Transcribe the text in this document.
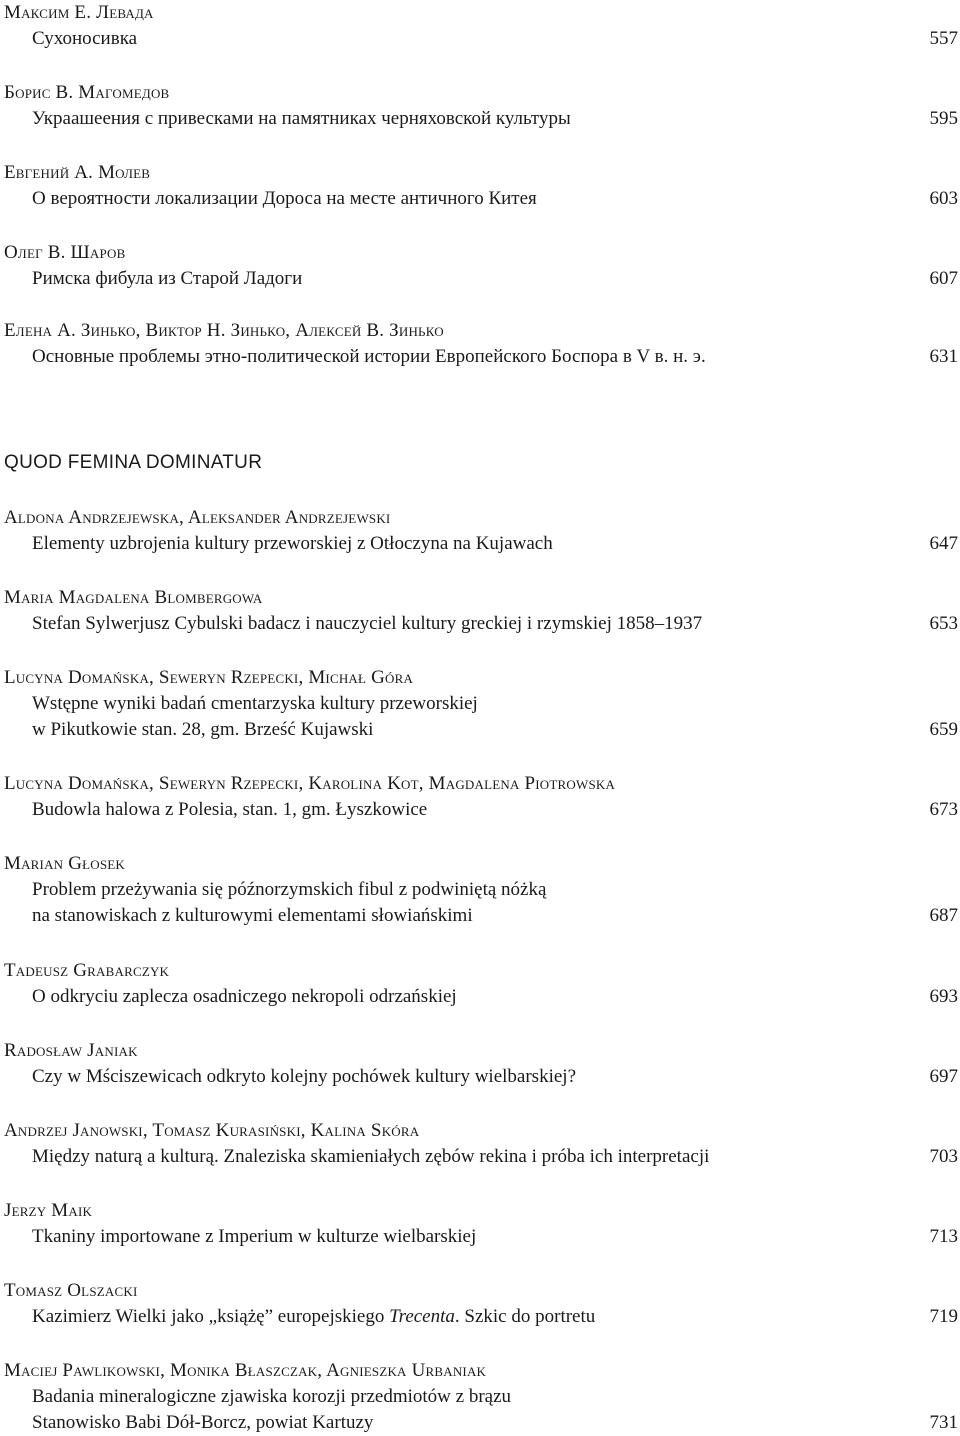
Максим Е. Левада
Сухоносивка	557
Борис В. Магомедов
Украашеения с привесками на памятниках черняховской культуры	595
Евгений А. Молев
О вероятности локализации Дороса на месте античного Китея	603
Олег В. Шаров
Римска фибула из Старой Ладоги	607
Елена А. Зинько, Виктор Н. Зинько, Алексей В. Зинько
Основные проблемы этно-политической истории Европейского Боспора в V в. н. э.	631
QUOD FEMINA DOMINATUR
Aldona Andrzejewska, Aleksander Andrzejewski
Elementy uzbrojenia kultury przeworskiej z Otłoczyna na Kujawach	647
Maria Magdalena Blombergowa
Stefan Sylwerjusz Cybulski badacz i nauczyciel kultury greckiej i rzymskiej 1858–1937	653
Lucyna Domańska, Seweryn Rzepecki, Michał Góra
Wstępne wyniki badań cmentarzyska kultury przeworskiej
w Pikutkowie stan. 28, gm. Brześć Kujawski	659
Lucyna Domańska, Seweryn Rzepecki, Karolina Kot, Magdalena Piotrowska
Budowla halowa z Polesia, stan. 1, gm. Łyszkowice	673
Marian Głosek
Problem przeżywania się późnorzymskich fibul z podwiniętą nóżką
na stanowiskach z kulturowymi elementami słowiańskimi	687
Tadeusz Grabarczyk
O odkryciu zaplecza osadniczego nekropoli odrzańskiej	693
Radosław Janiak
Czy w Mściszewicach odkryto kolejny pochówek kultury wielbarskiej?	697
Andrzej Janowski, Tomasz Kurasiński, Kalina Skóra
Między naturą a kulturą. Znaleziska skamieniałych zębów rekina i próba ich interpretacji	703
Jerzy Maik
Tkaniny importowane z Imperium w kulturze wielbarskiej	713
Tomasz Olszacki
Kazimierz Wielki jako „książę” europejskiego Trecenta. Szkic do portretu	719
Maciej Pawlikowski, Monika Błaszczak, Agnieszka Urbaniak
Badania mineralogiczne zjawiska korozji przedmiotów z brązu
Stanowisko Babi Dół-Borcz, powiat Kartuzy	731
